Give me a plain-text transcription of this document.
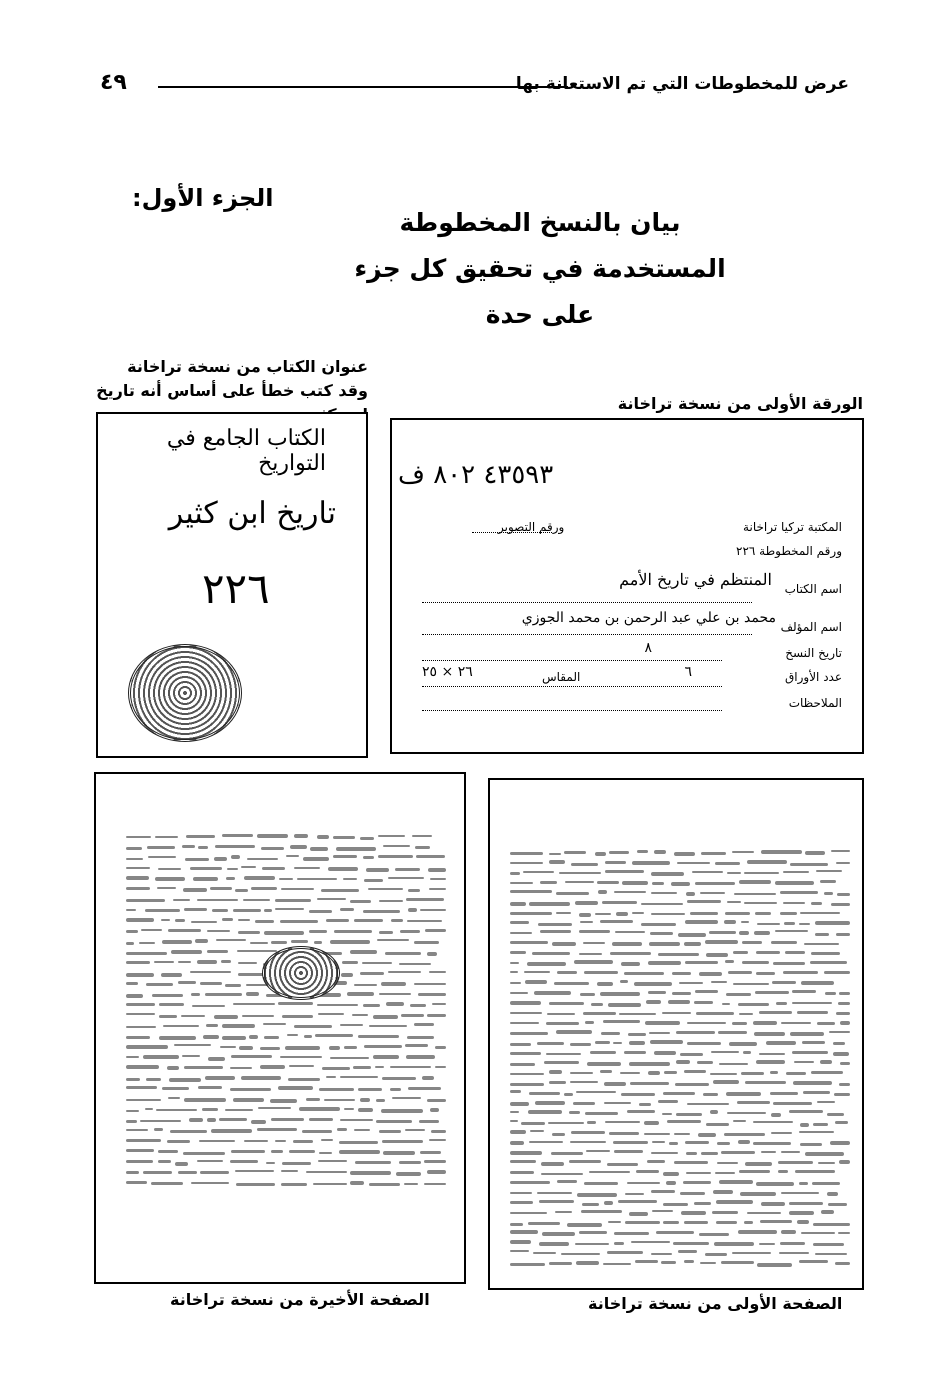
٤٩	عرض للمخطوطات التي تم الاستعانة بها
الجزء الأول:
بيان بالنسخ المخطوطة
المستخدمة في تحقيق كل جزء على حدة
عنوان الكتاب من نسخة تراخانة وقد كتب خطأ على أساس أنه تاريخ
الورقة الأولى من نسخة تراخانة
الصفحة الأخيرة من نسخة تراخانة	الصفحة الأولى من نسخة تراخانة
الكتاب الجامع في التواريخ
تاريخ ابن كثير
٢٢٦
٤٣٥٩٣ ٨٠٢ ف
ورقم التصوير	المكتبة تركيا تراخانة
ورقم المخطوطة ٢٢٦
اسم الكتاب
المنتظم في تاريخ الأمم
اسم المؤلف
محمد بن علي عبد الرحمن بن محمد الجوزي
تاريخ النسخ
٨
عدد الأوراق
٦
المقاس
٢٦ × ٢٥
الملاحظات
